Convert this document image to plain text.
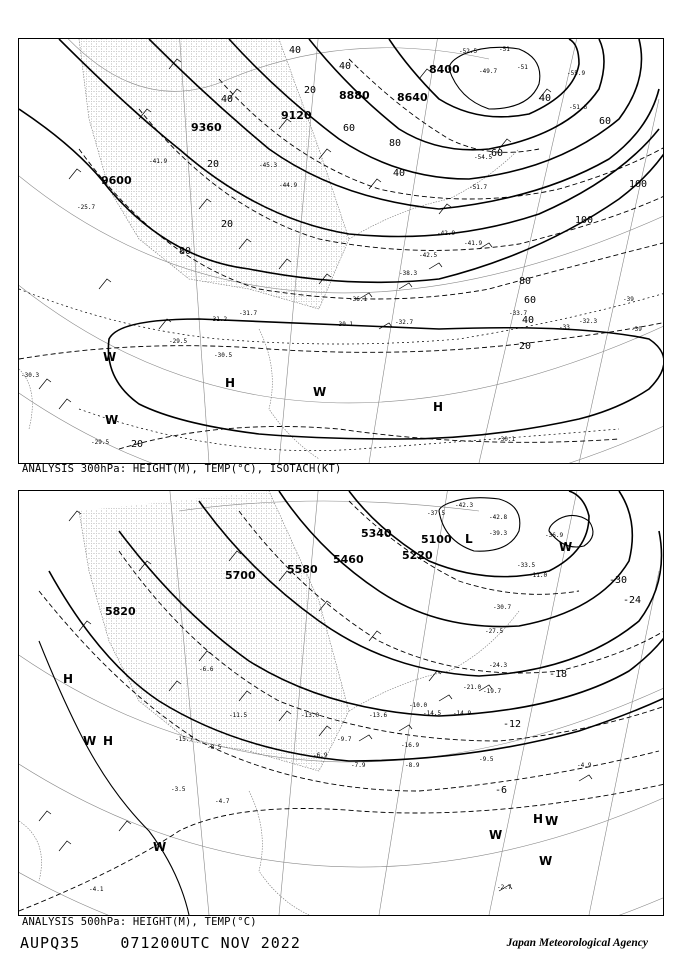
8400
8640
8880
9120
9360
9600
40
20
40
60
80
100
80
60
40
20
60
100
40
20
20
20
40
60
40
80
H
H
W
W
W
-52.5	-51
-49.7
-51
-55.9
-51.6
-54.5
-51.7
-45.3
-44.9
-42.9
-41.9
-38.3
-36.1
-32.7
-30.1
-31.2
-29.5
-30.5
-30.3
-33.7
-32.3
-39
-33	-39
-30.1
-29.5
-25.7
-41.9
-31.7
-42.5
ANALYSIS 300hPa: HEIGHT(M), TEMP(°C), ISOTACH(KT)
5100
5220
5340
5460
5580
5700
5820
-30
-24
-18
-12
-6
L
H
H
H
W
W
W
W
W
W
-42.3
-37.5
-42.8
-36.9
-39.3
-33.5
-30.7
-27.5
-24.3
-21.0
-19.7
-16.9
-14.9
-13.6
-11.5
-9.7
-8.9
-7.9
-6.9
-4.9
-4.7
-4.1
-3.5
-2.7
-9.5
-11.0
-14.5
-10.0
-13.0
-15.7
-6.6
-8.5
ANALYSIS 500hPa: HEIGHT(M), TEMP(°C)
AUPQ35	071200UTC NOV 2022	Japan Meteorological Agency
